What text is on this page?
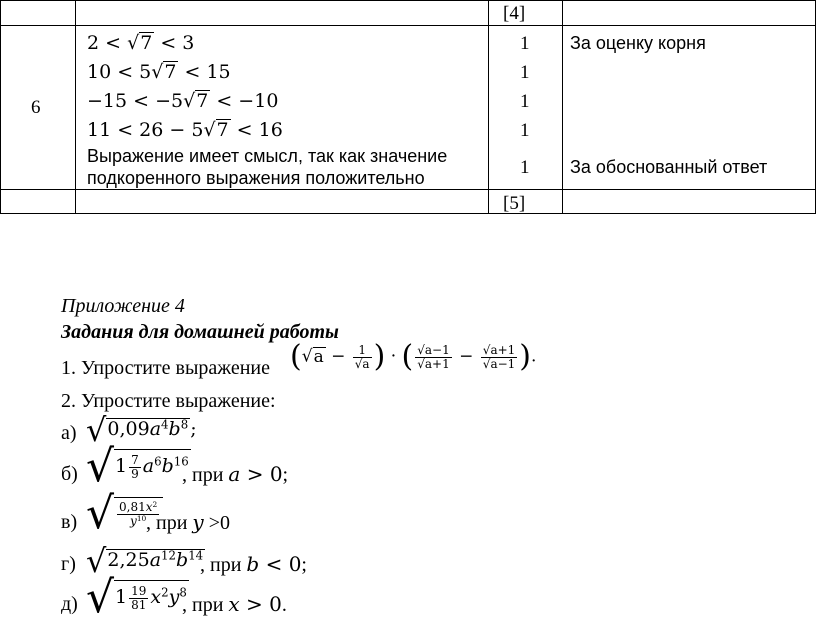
[4]
6
2 < √7 < 3
10 < 5√7 < 15
−15 < −5√7 < −10
11 < 26 − 5√7 < 16
Выражение имеет смысл, так как значение
подкоренного выражения положительно
1
1
1
1
1
За оценку корня
За обоснованный ответ
[5]
Приложение 4
Задания для домашней работы
1. Упростите выражение ($√a - \frac{1}{√a}$ ) · ( $\frac{√a-1}{√a+1} - \frac{√a+1}{√a-1}$ ).
2. Упростите выражение:
а) $√0,09a^4b^8$ ;
б) $√1 \frac{7}{9} a^6b^{16}$
, при a > 0;
в) √ $\frac{0,81x^2}{y^{10}}$
, при y >0
г) $√2,25a^{12}b^{14}$
, при b < 0;
д) $√1 \frac{19}{81} x^2y^8$
, при x > 0.
